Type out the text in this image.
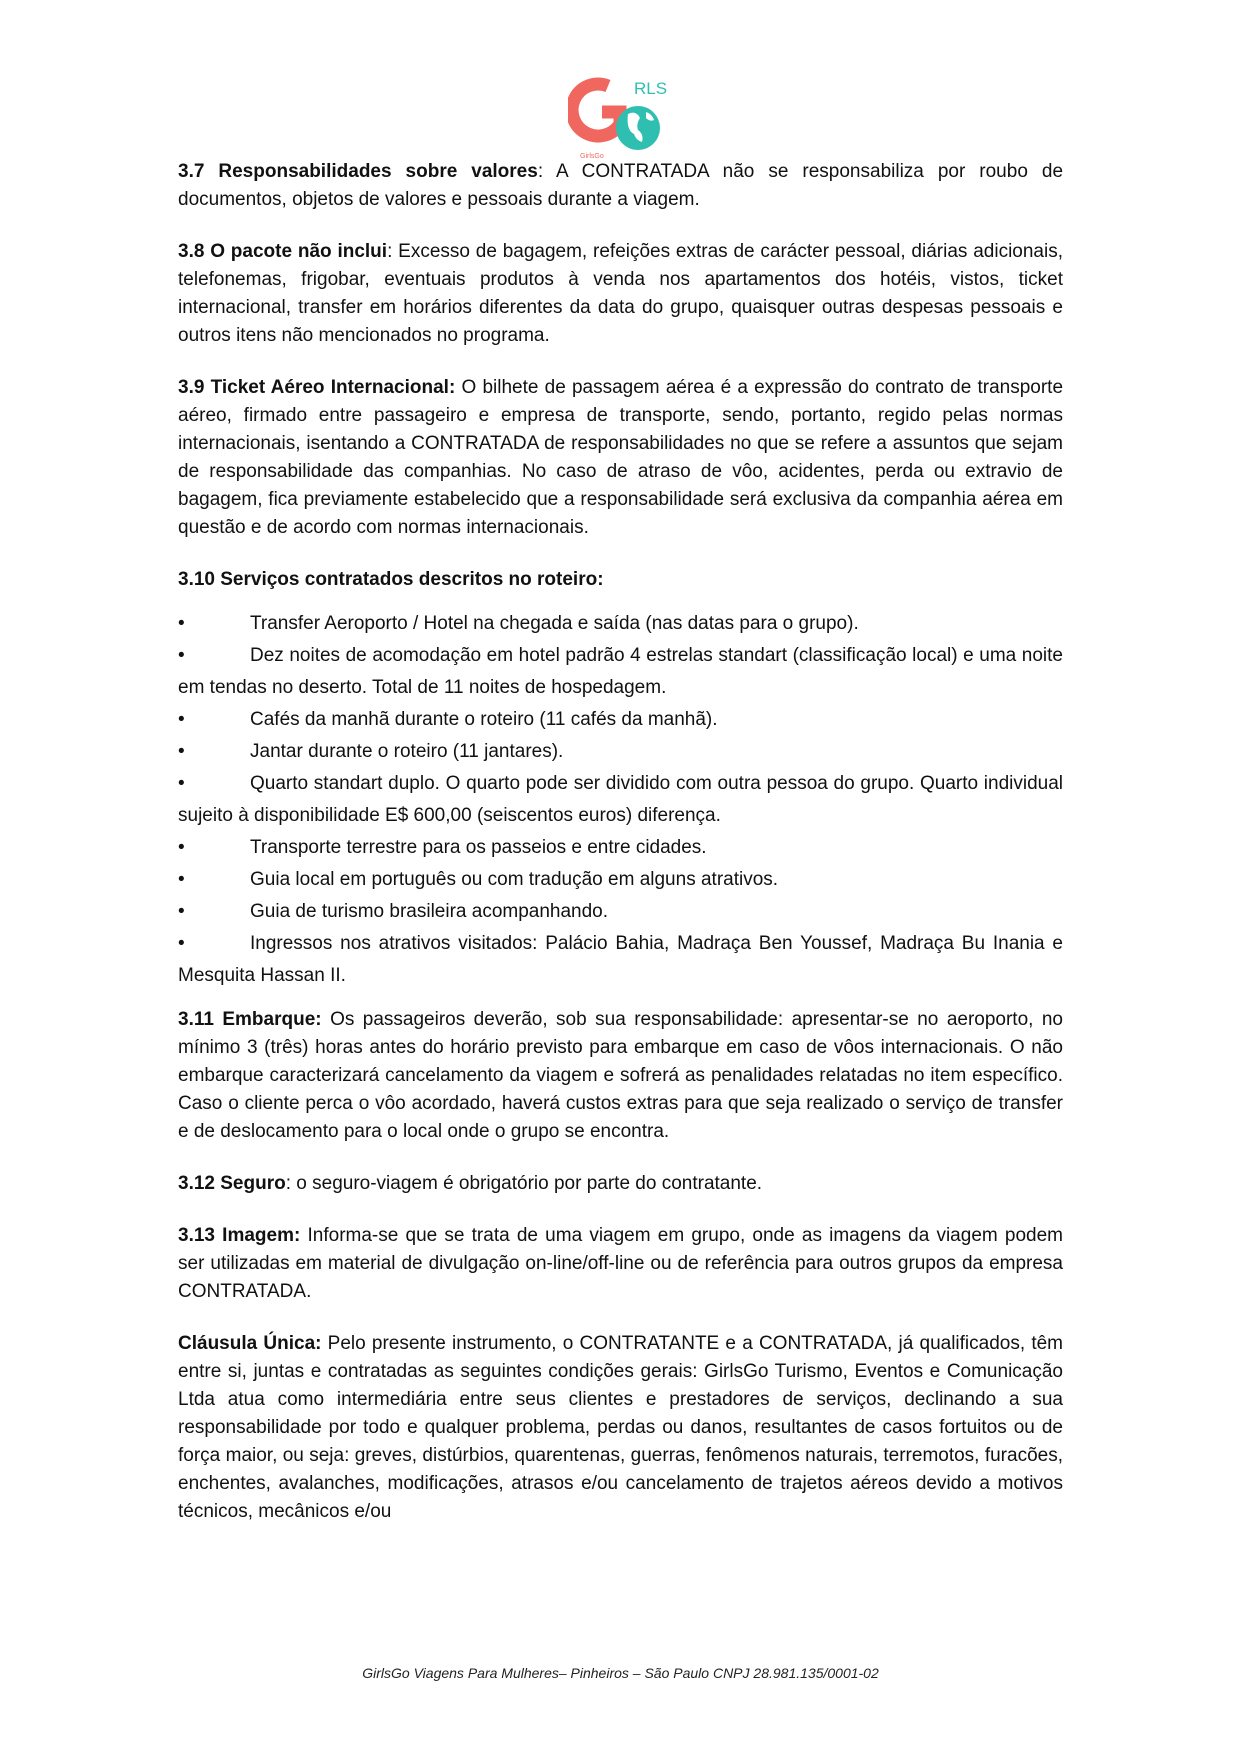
RLS
GirlsGo

3.7 Responsabilidades sobre valores: A CONTRATADA não se responsabiliza por roubo de documentos, objetos de valores e pessoais durante a viagem.

3.8 O pacote não inclui: Excesso de bagagem, refeições extras de carácter pessoal, diárias adicionais, telefonemas, frigobar, eventuais produtos à venda nos apartamentos dos hotéis, vistos, ticket internacional, transfer em horários diferentes da data do grupo, quaisquer outras despesas pessoais e outros itens não mencionados no programa.

3.9 Ticket Aéreo Internacional: O bilhete de passagem aérea é a expressão do contrato de transporte aéreo, firmado entre passageiro e empresa de transporte, sendo, portanto, regido pelas normas internacionais, isentando a CONTRATADA de responsabilidades no que se refere a assuntos que sejam de responsabilidade das companhias. No caso de atraso de vôo, acidentes, perda ou extravio de bagagem, fica previamente estabelecido que a responsabilidade será exclusiva da companhia aérea em questão e de acordo com normas internacionais.

3.10 Serviços contratados descritos no roteiro:

•	Transfer Aeroporto / Hotel na chegada e saída (nas datas para o grupo).

•	Dez noites de acomodação em hotel padrão 4 estrelas standart (classificação local) e uma noite em tendas no deserto. Total de 11 noites de hospedagem.

•	Cafés da manhã durante o roteiro (11 cafés da manhã).

•	Jantar durante o roteiro (11 jantares).

•	Quarto standart duplo. O quarto pode ser dividido com outra pessoa do grupo. Quarto individual sujeito à disponibilidade E$ 600,00 (seiscentos euros) diferença.

•	Transporte terrestre para os passeios e entre cidades.

•	Guia local em português ou com tradução em alguns atrativos.

•	Guia de turismo brasileira acompanhando.

•	Ingressos nos atrativos visitados: Palácio Bahia, Madraça Ben Youssef, Madraça Bu Inania e Mesquita Hassan II.

3.11 Embarque: Os passageiros deverão, sob sua responsabilidade: apresentar-se no aeroporto, no mínimo 3 (três) horas antes do horário previsto para embarque em caso de vôos internacionais. O não embarque caracterizará cancelamento da viagem e sofrerá as penalidades relatadas no item específico. Caso o cliente perca o vôo acordado, haverá custos extras para que seja realizado o serviço de transfer e de deslocamento para o local onde o grupo se encontra.

3.12 Seguro: o seguro-viagem é obrigatório por parte do contratante.

3.13 Imagem: Informa-se que se trata de uma viagem em grupo, onde as imagens da viagem podem ser utilizadas em material de divulgação on-line/off-line ou de referência para outros grupos da empresa CONTRATADA.

Cláusula Única: Pelo presente instrumento, o CONTRATANTE e a CONTRATADA, já qualificados, têm entre si, juntas e contratadas as seguintes condições gerais: GirlsGo Turismo, Eventos e Comunicação Ltda atua como intermediária entre seus clientes e prestadores de serviços, declinando a sua responsabilidade por todo e qualquer problema, perdas ou danos, resultantes de casos fortuitos ou de força maior, ou seja: greves, distúrbios, quarentenas, guerras, fenômenos naturais, terremotos, furacões, enchentes, avalanches, modificações, atrasos e/ou cancelamento de trajetos aéreos devido a motivos técnicos, mecânicos e/ou

GirlsGo Viagens Para Mulheres– Pinheiros – São Paulo CNPJ 28.981.135/0001-02
